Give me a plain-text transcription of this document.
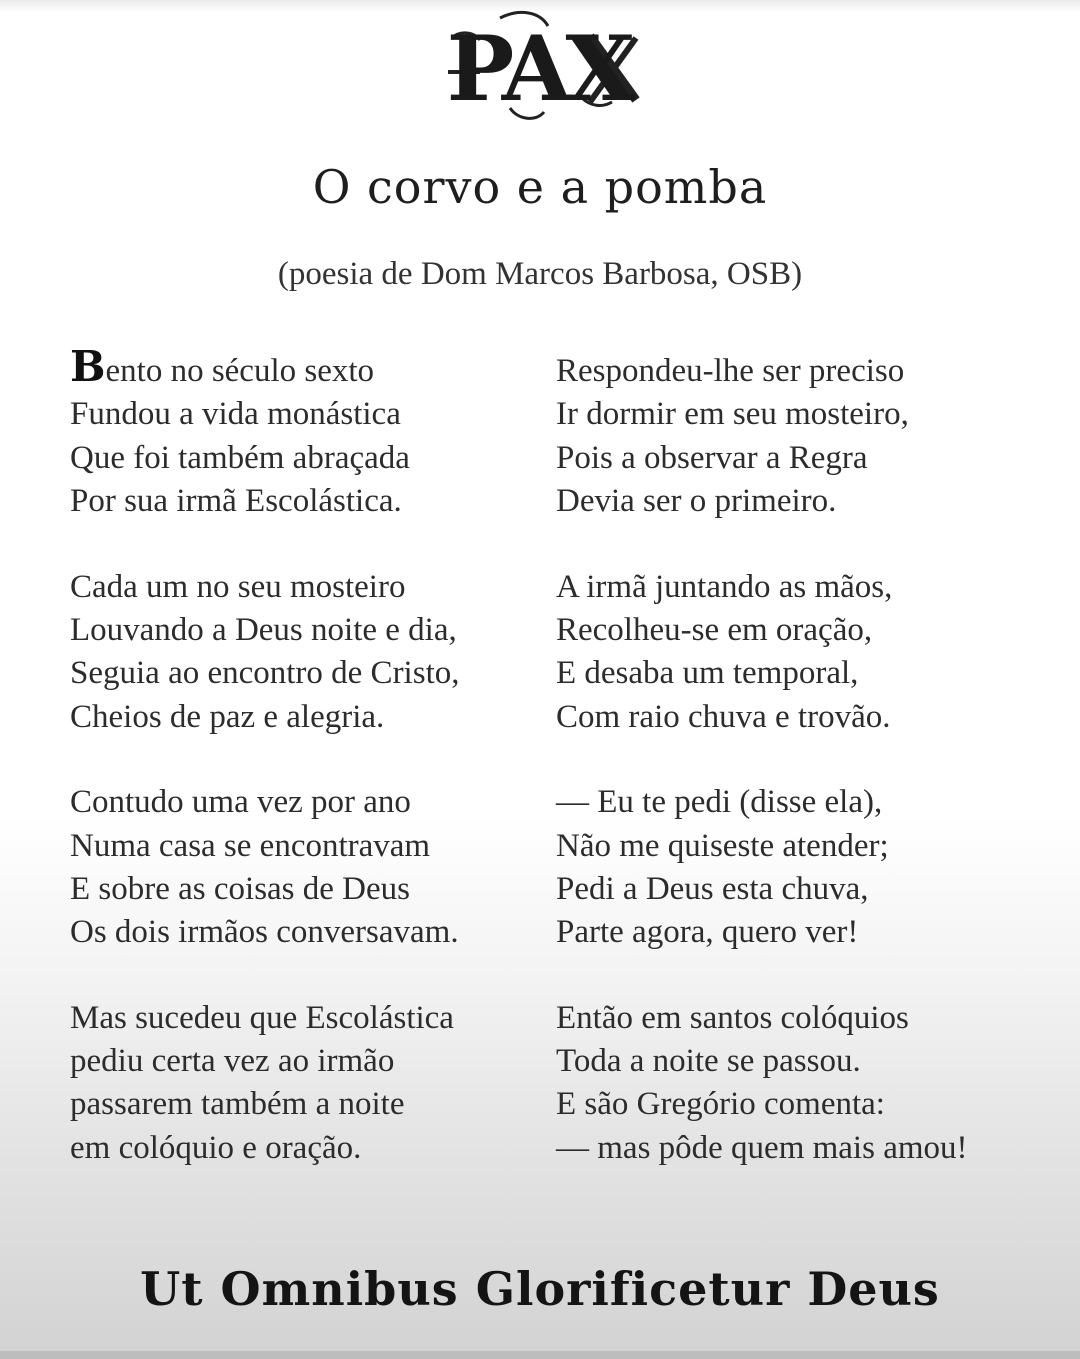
PAX
O corvo e a pomba
(poesia de Dom Marcos Barbosa, OSB)
Bento no século sexto
Fundou a vida monástica
Que foi também abraçada
Por sua irmã Escolástica.
Cada um no seu mosteiro
Louvando a Deus noite e dia,
Seguia ao encontro de Cristo,
Cheios de paz e alegria.
Contudo uma vez por ano
Numa casa se encontravam
E sobre as coisas de Deus
Os dois irmãos conversavam.
Mas sucedeu que Escolástica
pediu certa vez ao irmão
passarem também a noite
em colóquio e oração.
Respondeu-lhe ser preciso
Ir dormir em seu mosteiro,
Pois a observar a Regra
Devia ser o primeiro.
A irmã juntando as mãos,
Recolheu-se em oração,
E desaba um temporal,
Com raio chuva e trovão.
— Eu te pedi (disse ela),
Não me quiseste atender;
Pedi a Deus esta chuva,
Parte agora, quero ver!
Então em santos colóquios
Toda a noite se passou.
E são Gregório comenta:
— mas pôde quem mais amou!
Ut Omnibus Glorificetur Deus
